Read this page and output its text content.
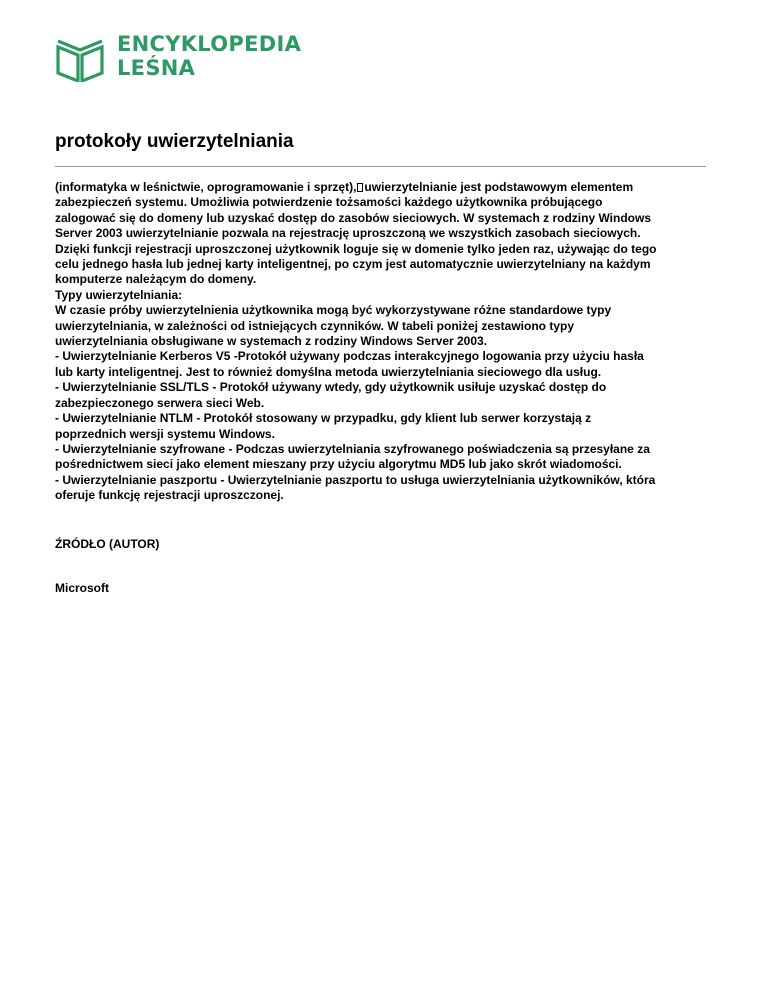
ENCYKLOPEDIA
LEŚNA
protokoły uwierzytelniania
(informatyka w leśnictwie, oprogramowanie i sprzęt), uwierzytelnianie jest podstawowym elementem
zabezpieczeń systemu. Umożliwia potwierdzenie tożsamości każdego użytkownika próbującego
zalogować się do domeny lub uzyskać dostęp do zasobów sieciowych. W systemach z rodziny Windows
Server 2003 uwierzytelnianie pozwala na rejestrację uproszczoną we wszystkich zasobach sieciowych.
Dzięki funkcji rejestracji uproszczonej użytkownik loguje się w domenie tylko jeden raz, używając do tego
celu jednego hasła lub jednej karty inteligentnej, po czym jest automatycznie uwierzytelniany na każdym
komputerze należącym do domeny.
Typy uwierzytelniania:
W czasie próby uwierzytelnienia użytkownika mogą być wykorzystywane różne standardowe typy
uwierzytelniania, w zależności od istniejących czynników. W tabeli poniżej zestawiono typy
uwierzytelniania obsługiwane w systemach z rodziny Windows Server 2003.
- Uwierzytelnianie Kerberos V5 -Protokół używany podczas interakcyjnego logowania przy użyciu hasła
lub karty inteligentnej. Jest to również domyślna metoda uwierzytelniania sieciowego dla usług.
- Uwierzytelnianie SSL/TLS - Protokół używany wtedy, gdy użytkownik usiłuje uzyskać dostęp do
zabezpieczonego serwera sieci Web.
- Uwierzytelnianie NTLM - Protokół stosowany w przypadku, gdy klient lub serwer korzystają z
poprzednich wersji systemu Windows.
- Uwierzytelnianie szyfrowane - Podczas uwierzytelniania szyfrowanego poświadczenia są przesyłane za
pośrednictwem sieci jako element mieszany przy użyciu algorytmu MD5 lub jako skrót wiadomości.
- Uwierzytelnianie paszportu - Uwierzytelnianie paszportu to usługa uwierzytelniania użytkowników, która
oferuje funkcję rejestracji uproszczonej.
ŹRÓDŁO (AUTOR)
Microsoft
